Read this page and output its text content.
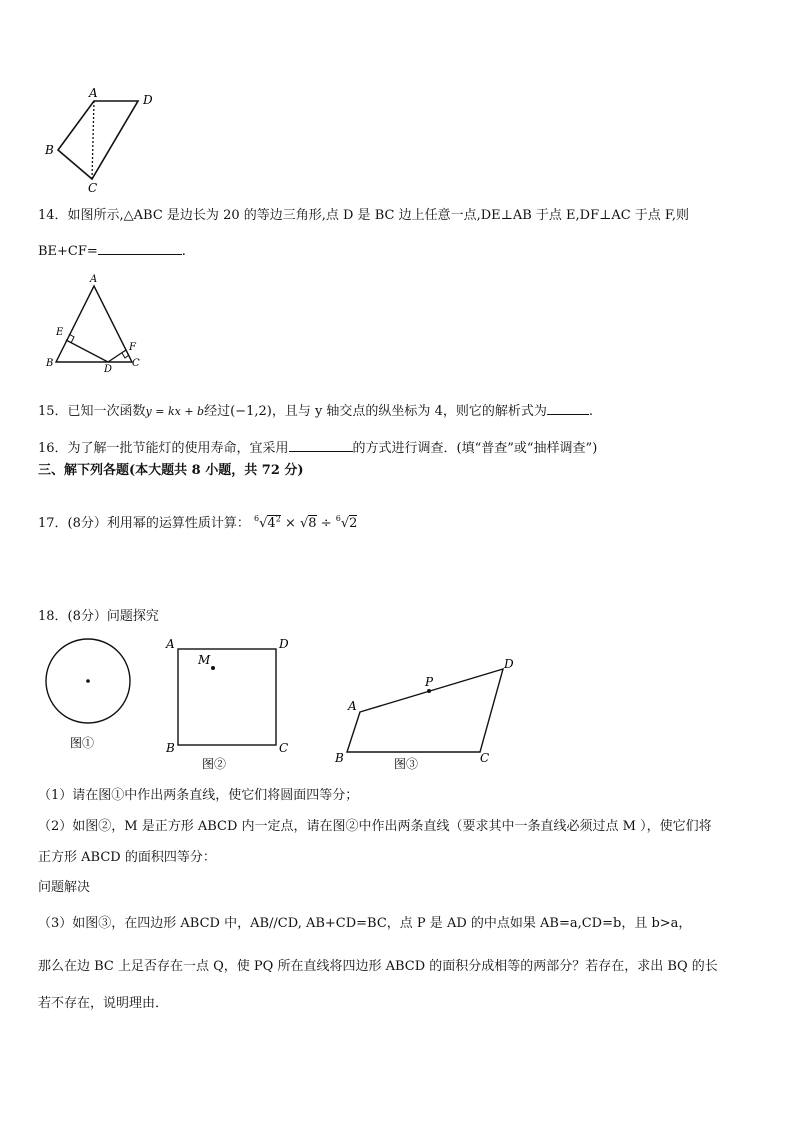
A	D
B
C
14．如图所示,△ABC 是边长为 20 的等边三角形,点 D 是 BC 边上任意一点,DE⊥AB 于点 E,DF⊥AC 于点 F,则
BE+CF=	.
A
E
F
B	C
D
15．已知一次函数y = kx + b经过(−1,2)，且与 y 轴交点的纵坐标为 4，则它的解析式为	.
16．为了解一批节能灯的使用寿命，宜采用	的方式进行调查．(填“普查”或“抽样调查”)
三、解下列各题(本大题共 8 小题，共 72 分)
17．(8分）利用幂的运算性质计算： $^6√4^2 \times √8 \div ^6√2$
18．(8分）问题探究
图①
M
A	D
B	C
图②
P
A
D
B	C
图③
（1）请在图①中作出两条直线，使它们将圆面四等分；
（2）如图②，M 是正方形 ABCD 内一定点，请在图②中作出两条直线（要求其中一条直线必须过点 M ），使它们将
正方形 ABCD 的面积四等分：
问题解决
（3）如图③，在四边形 ABCD 中，AB//CD, AB+CD=BC，点 P 是 AD 的中点如果 AB=a,CD=b，且 b>a，
那么在边 BC 上足否存在一点 Q，使 PQ 所在直线将四边形 ABCD 的面积分成相等的两部分？若存在，求出 BQ 的长
若不存在，说明理由．
